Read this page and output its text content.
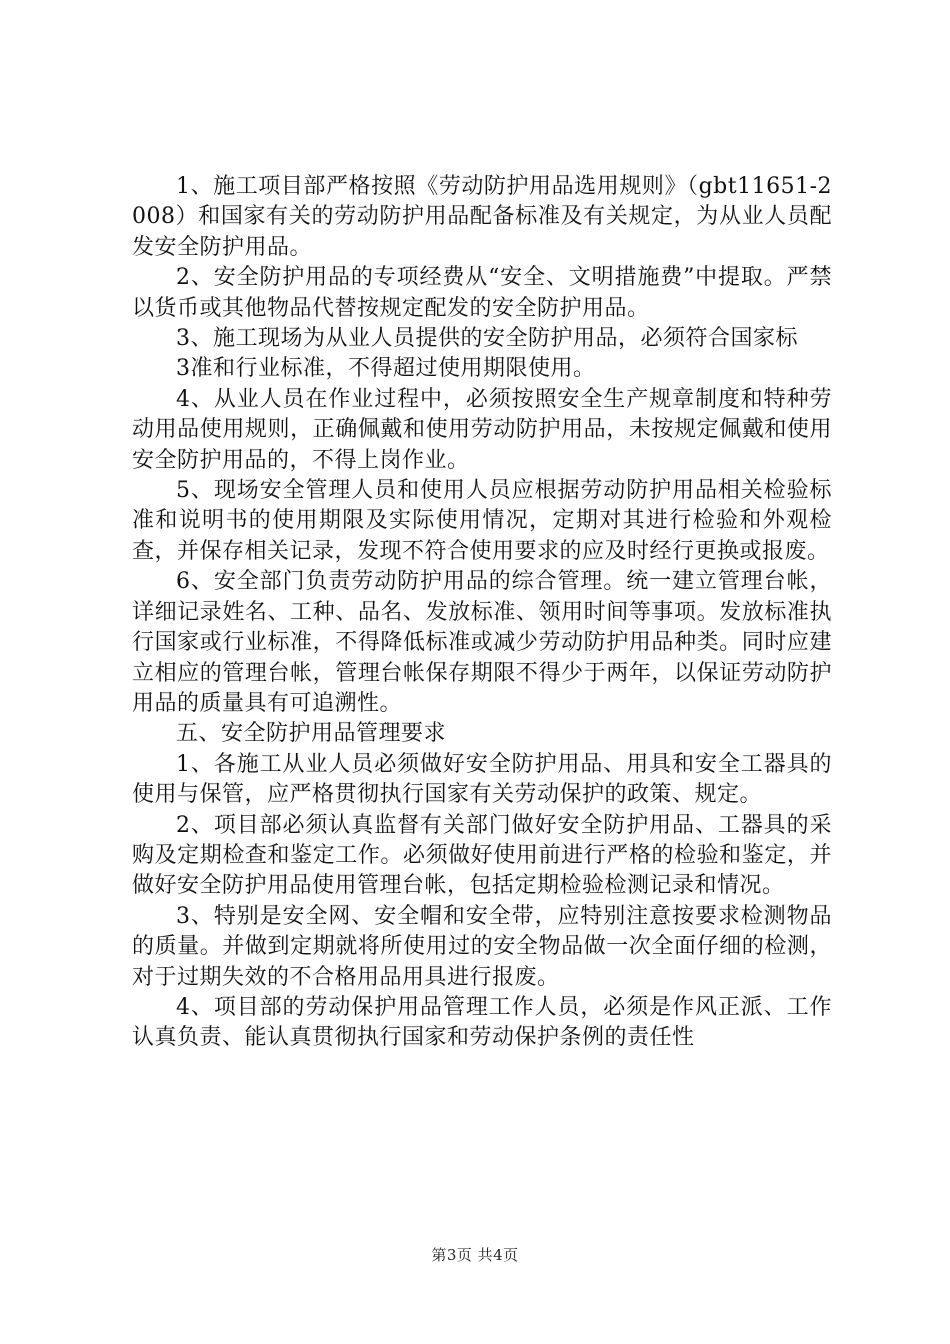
1、施工项目部严格按照《劳动防护用品选用规则》（gbt11651-2008）和国家有关的劳动防护用品配备标准及有关规定，为从业人员配发安全防护用品。

2、安全防护用品的专项经费从“安全、文明措施费”中提取。严禁以货币或其他物品代替按规定配发的安全防护用品。

3、施工现场为从业人员提供的安全防护用品，必须符合国家标

3准和行业标准，不得超过使用期限使用。

4、从业人员在作业过程中，必须按照安全生产规章制度和特种劳动用品使用规则，正确佩戴和使用劳动防护用品，未按规定佩戴和使用安全防护用品的，不得上岗作业。

5、现场安全管理人员和使用人员应根据劳动防护用品相关检验标准和说明书的使用期限及实际使用情况，定期对其进行检验和外观检查，并保存相关记录，发现不符合使用要求的应及时经行更换或报废。

6、安全部门负责劳动防护用品的综合管理。统一建立管理台帐，详细记录姓名、工种、品名、发放标准、领用时间等事项。发放标准执行国家或行业标准，不得降低标准或减少劳动防护用品种类。同时应建立相应的管理台帐，管理台帐保存期限不得少于两年，以保证劳动防护用品的质量具有可追溯性。

五、安全防护用品管理要求

1、各施工从业人员必须做好安全防护用品、用具和安全工器具的使用与保管，应严格贯彻执行国家有关劳动保护的政策、规定。

2、项目部必须认真监督有关部门做好安全防护用品、工器具的采购及定期检查和鉴定工作。必须做好使用前进行严格的检验和鉴定，并做好安全防护用品使用管理台帐，包括定期检验检测记录和情况。

3、特别是安全网、安全帽和安全带，应特别注意按要求检测物品的质量。并做到定期就将所使用过的安全物品做一次全面仔细的检测，对于过期失效的不合格用品用具进行报废。

4、项目部的劳动保护用品管理工作人员，必须是作风正派、工作认真负责、能认真贯彻执行国家和劳动保护条例的责任性

第3页 共4页
